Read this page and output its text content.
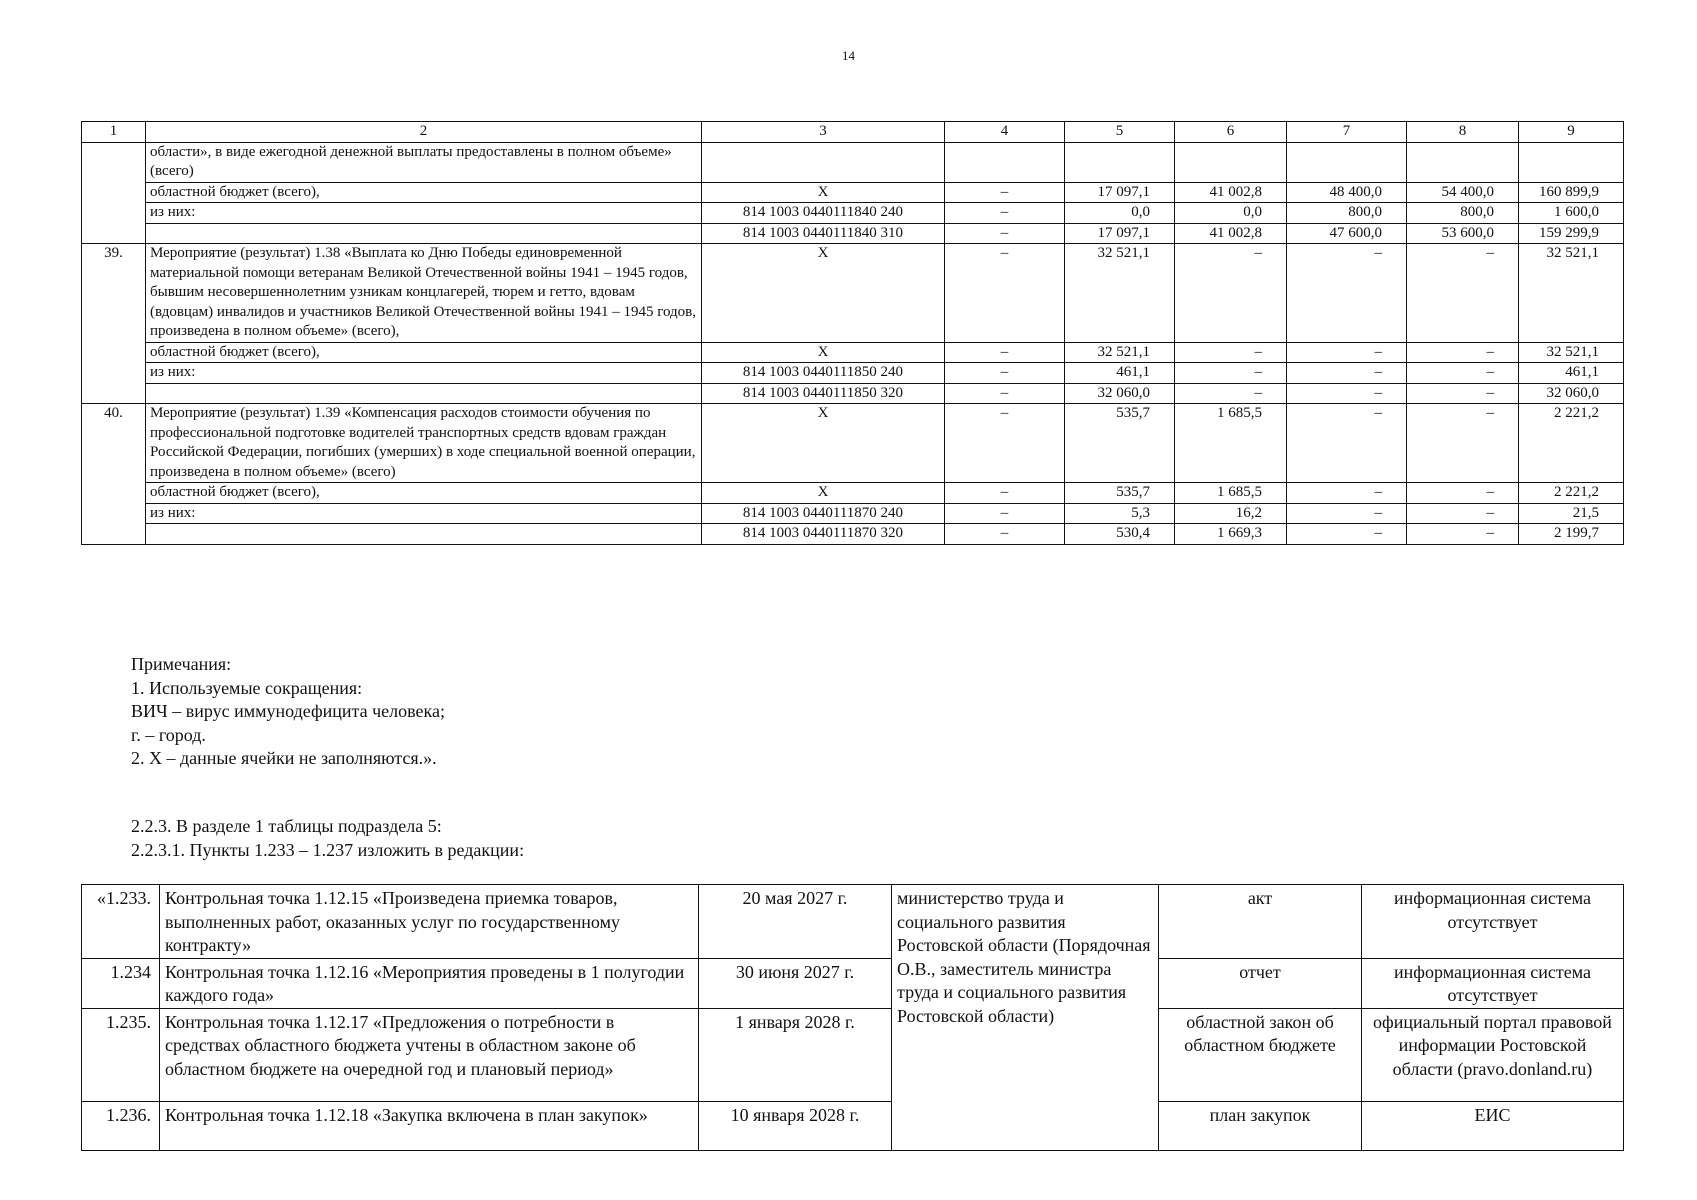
14
1	2	3	4	5	6	7	8	9
	области», в виде ежегодной денежной выплаты предоставлены в полном объеме» (всего)							
	областной бюджет (всего),	Х	–	17 097,1	41 002,8	48 400,0	54 400,0	160 899,9
	из них:	814 1003 0440111840 240	–	0,0	0,0	800,0	800,0	1 600,0
		814 1003 0440111840 310	–	17 097,1	41 002,8	47 600,0	53 600,0	159 299,9
39.	Мероприятие (результат) 1.38 «Выплата ко Дню Победы единовременной материальной помощи ветеранам Великой Отечественной войны 1941 – 1945 годов, бывшим несовершеннолетним узникам концлагерей, тюрем и гетто, вдовам (вдовцам) инвалидов и участников Великой Отечественной войны 1941 – 1945 годов, произведена в полном объеме» (всего),	Х	–	32 521,1	–	–	–	32 521,1
	областной бюджет (всего),	Х	–	32 521,1	–	–	–	32 521,1
	из них:	814 1003 0440111850 240	–	461,1	–	–	–	461,1
		814 1003 0440111850 320	–	32 060,0	–	–	–	32 060,0
40.	Мероприятие (результат) 1.39 «Компенсация расходов стоимости обучения по профессиональной подготовке водителей транспортных средств вдовам граждан Российской Федерации, погибших (умерших) в ходе специальной военной операции, произведена в полном объеме» (всего)	Х	–	535,7	1 685,5	–	–	2 221,2
	областной бюджет (всего),	Х	–	535,7	1 685,5	–	–	2 221,2
	из них:	814 1003 0440111870 240	–	5,3	16,2	–	–	21,5
		814 1003 0440111870 320	–	530,4	1 669,3	–	–	2 199,7
Примечания:
1. Используемые сокращения:
ВИЧ – вирус иммунодефицита человека;
г. – город.
2. Х – данные ячейки не заполняются.».
2.2.3. В разделе 1 таблицы подраздела 5:
2.2.3.1. Пункты 1.233 – 1.237 изложить в редакции:
«1.233.	Контрольная точка 1.12.15 «Произведена приемка товаров, выполненных работ, оказанных услуг по государственному контракту»	20 мая 2027 г.	министерство труда и социального развития Ростовской области (Порядочная О.В., заместитель министра труда и социального развития Ростовской области)	акт	информационная система отсутствует
1.234	Контрольная точка 1.12.16 «Мероприятия проведены в 1 полугодии каждого года»	30 июня 2027 г.		отчет	информационная система отсутствует
1.235.	Контрольная точка 1.12.17 «Предложения о потребности в средствах областного бюджета учтены в областном законе об областном бюджете на очередной год и плановый период»	1 января 2028 г.		областной закон об областном бюджете	официальный портал правовой информации Ростовской области (pravo.donland.ru)
1.236.	Контрольная точка 1.12.18 «Закупка включена в план закупок»	10 января 2028 г.		план закупок	ЕИС
